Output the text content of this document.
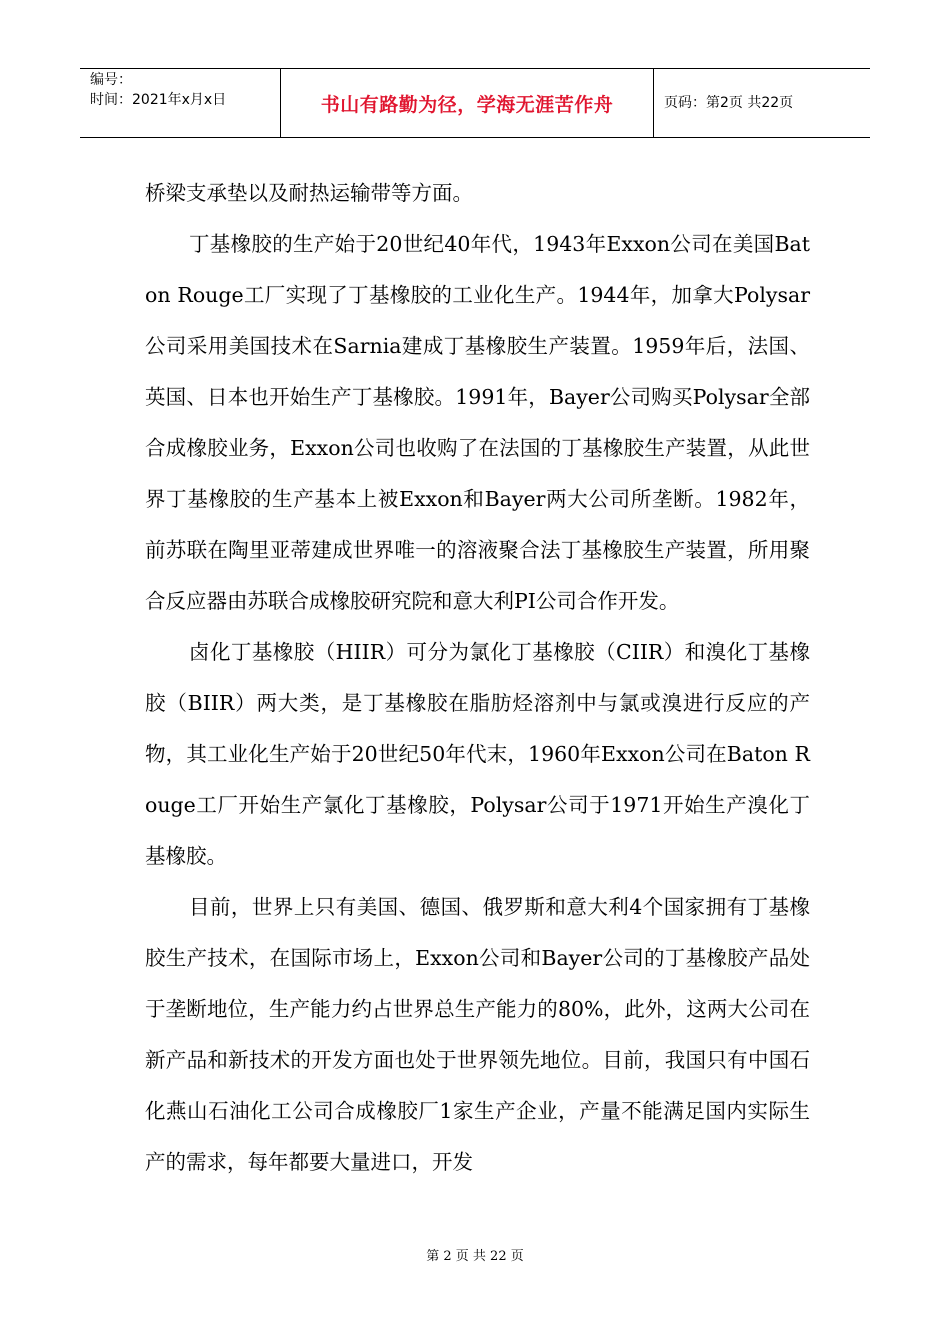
编号：
时间：2021年x月x日	书山有路勤为径，学海无涯苦作舟	页码：第2页 共22页

桥梁支承垫以及耐热运输带等方面。

丁基橡胶的生产始于20世纪40年代，1943年Exxon公司在美国Baton Rouge工厂实现了丁基橡胶的工业化生产。1944年，加拿大Polysar公司采用美国技术在Sarnia建成丁基橡胶生产装置。1959年后，法国、英国、日本也开始生产丁基橡胶。1991年，Bayer公司购买Polysar全部合成橡胶业务，Exxon公司也收购了在法国的丁基橡胶生产装置，从此世界丁基橡胶的生产基本上被Exxon和Bayer两大公司所垄断。1982年，前苏联在陶里亚蒂建成世界唯一的溶液聚合法丁基橡胶生产装置，所用聚合反应器由苏联合成橡胶研究院和意大利PI公司合作开发。

卤化丁基橡胶（HIIR）可分为氯化丁基橡胶（CIIR）和溴化丁基橡胶（BIIR）两大类，是丁基橡胶在脂肪烃溶剂中与氯或溴进行反应的产物，其工业化生产始于20世纪50年代末，1960年Exxon公司在Baton Rouge工厂开始生产氯化丁基橡胶，Polysar公司于1971开始生产溴化丁基橡胶。

目前，世界上只有美国、德国、俄罗斯和意大利4个国家拥有丁基橡胶生产技术，在国际市场上，Exxon公司和Bayer公司的丁基橡胶产品处于垄断地位，生产能力约占世界总生产能力的80%，此外，这两大公司在新产品和新技术的开发方面也处于世界领先地位。目前，我国只有中国石化燕山石油化工公司合成橡胶厂1家生产企业，产量不能满足国内实际生产的需求，每年都要大量进口，开发

第 2 页 共 22 页
